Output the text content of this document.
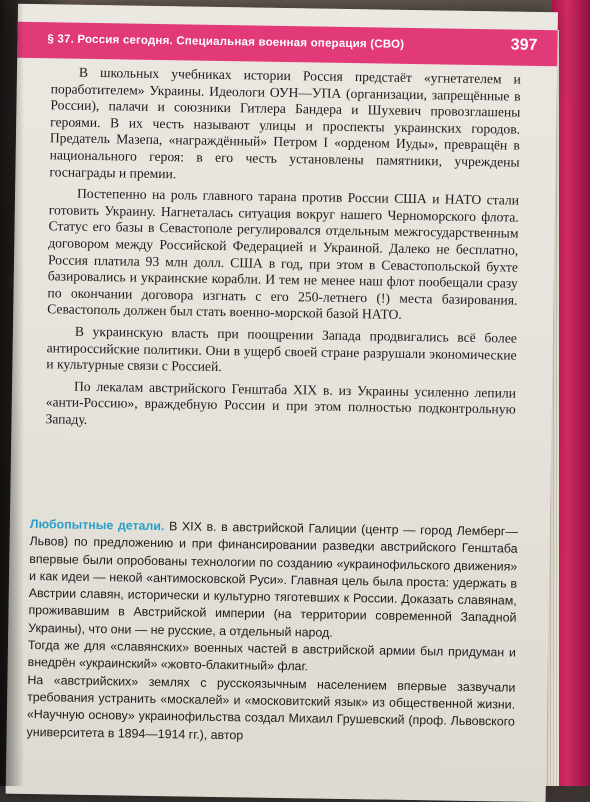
§ 37. Россия сегодня. Специальная военная операция (СВО)	397

В школьных учебниках истории Россия предстаёт «угнетателем и поработителем» Украины. Идеологи ОУН—УПА (организации, запрещённые в России), палачи и союзники Гитлера Бандера и Шухевич провозглашены героями. В их честь называют улицы и проспекты украинских городов. Предатель Мазепа, «награждённый» Петром I «орденом Иуды», превращён в национального героя: в его честь установлены памятники, учреждены госнаграды и премии.

Постепенно на роль главного тарана против России США и НАТО стали готовить Украину. Нагнеталась ситуация вокруг нашего Черноморского флота. Статус его базы в Севастополе регулировался отдельным межгосударственным договором между Российской Федерацией и Украиной. Далеко не бесплатно, Россия платила 93 млн долл. США в год, при этом в Севастопольской бухте базировались и украинские корабли. И тем не менее наш флот пообещали сразу по окончании договора изгнать с его 250-летнего (!) места базирования. Севастополь должен был стать военно-морской базой НАТО.

В украинскую власть при поощрении Запада продвигались всё более антироссийские политики. Они в ущерб своей стране разрушали экономические и культурные связи с Россией.

По лекалам австрийского Генштаба XIX в. из Украины усиленно лепили «анти-Россию», враждебную России и при этом полностью подконтрольную Западу.

Любопытные детали. В XIX в. в австрийской Галиции (центр — город Лемберг—Львов) по предложению и при финансировании разведки австрийского Генштаба впервые были опробованы технологии по созданию «украинофильского движения» и как идеи — некой «антимосковской Руси». Главная цель была проста: удержать в Австрии славян, исторически и культурно тяготевших к России. Доказать славянам, проживавшим в Австрийской империи (на территории современной Западной Украины), что они — не русские, а отдельный народ.

Тогда же для «славянских» военных частей в австрийской армии был придуман и внедрён «украинский» «жовто-блакитный» флаг.

На «австрийских» землях с русскоязычным населением впервые зазвучали требования устранить «москалей» и «московитский язык» из общественной жизни. «Научную основу» украинофильства создал Михаил Грушевский (проф. Львовского университета в 1894—1914 гг.), автор
